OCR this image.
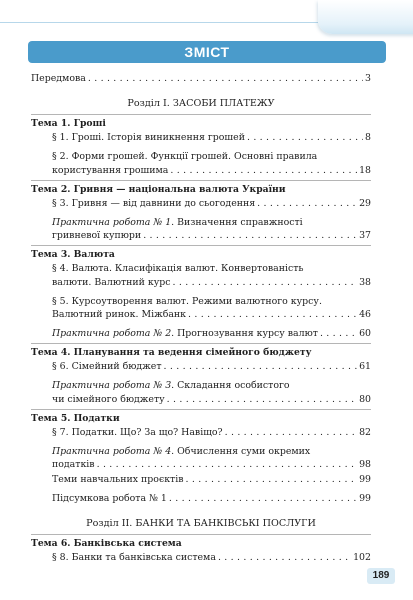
ЗМІСТ
Передмова . . .	3
Розділ І. ЗАСОБИ ПЛАТЕЖУ
Тема 1. Гроші
§ 1. Гроші. Історія виникнення грошей . . .	8
§ 2. Форми грошей. Функції грошей. Основні правила
користування грошима . . .	18
Тема 2. Гривня — національна валюта України
§ 3. Гривня — від давнини до сьогодення . . .	29
Практична робота № 1. Визначення справжності
гривневої купюри . . .	37
Тема 3. Валюта
§ 4. Валюта. Класифікація валют. Конвертованість
валюти. Валютний курс . . .	38
§ 5. Курсоутворення валют. Режими валютного курсу.
Валютний ринок. Міжбанк . . .	46
Практична робота № 2. Прогнозування курсу валют . . .	60
Тема 4. Планування та ведення сімейного бюджету
§ 6. Сімейний бюджет . . .	61
Практична робота № 3. Складання особистого
чи сімейного бюджету . . .	80
Тема 5. Податки
§ 7. Податки. Що? За що? Навіщо? . . .	82
Практична робота № 4. Обчислення суми окремих
податків . . .	98
Теми навчальних проєктів . . .	99
Підсумкова робота № 1 . . .	99
Розділ ІІ. БАНКИ ТА БАНКІВСЬКІ ПОСЛУГИ
Тема 6. Банківська система
§ 8. Банки та банківська система . . .	102
189
